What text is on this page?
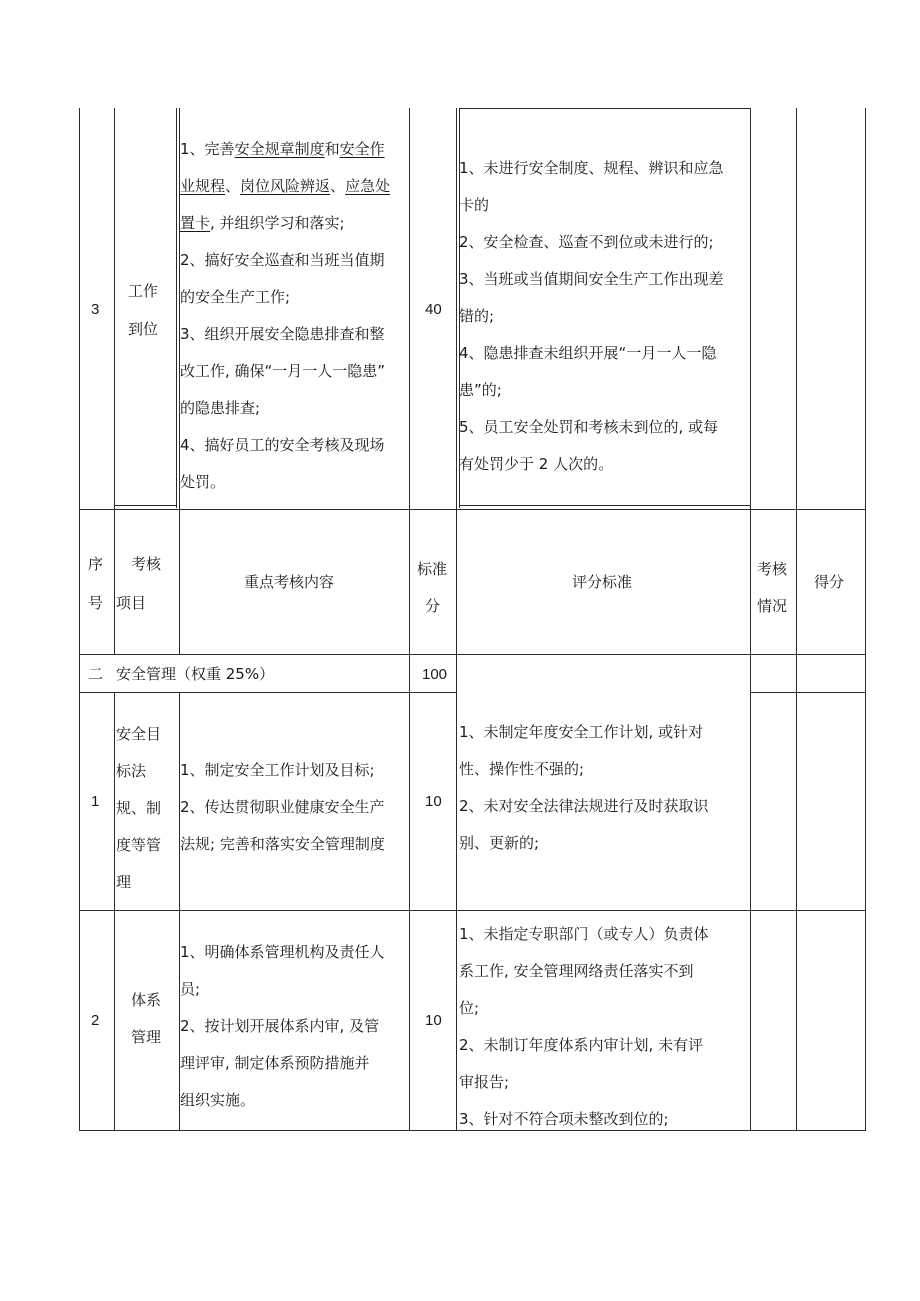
3
工作
到位
1、完善安全规章制度和安全作
业规程、岗位风险辨返、应急处
置卡, 并组织学习和落实;
2、搞好安全巡查和当班当值期
的安全生产工作;
3、组织开展安全隐患排查和整
改工作, 确保“一月一人一隐患”
的隐患排查;
4、搞好员工的安全考核及现场
处罚。
40
1、未进行安全制度、规程、辨识和应急
卡的
2、安全检查、巡查不到位或未进行的;
3、当班或当值期间安全生产工作出现差
错的;
4、隐患排查未组织开展“一月一人一隐
患”的;
5、员工安全处罚和考核未到位的, 或每
有处罚少于 2 人次的。
序
号
考核
项目
重点考核内容
标准
分
评分标准
考核
情况
得分
二 安全管理（权重 25%）	100
1
安全目
标法
规、制
度等管
理
1、制定安全工作计划及目标;
2、传达贯彻职业健康安全生产
法规; 完善和落实安全管理制度
10
1、未制定年度安全工作计划, 或针对
性、操作性不强的;
2、未对安全法律法规进行及时获取识
别、更新的;
2
体系
管理
1、明确体系管理机构及责任人
员;
2、按计划开展体系内审, 及管
理评审, 制定体系预防措施并
组织实施。
10
1、未指定专职部门（或专人）负责体
系工作, 安全管理网络责任落实不到
位;
2、未制订年度体系内审计划, 未有评
审报告;
3、针对不符合项未整改到位的;
